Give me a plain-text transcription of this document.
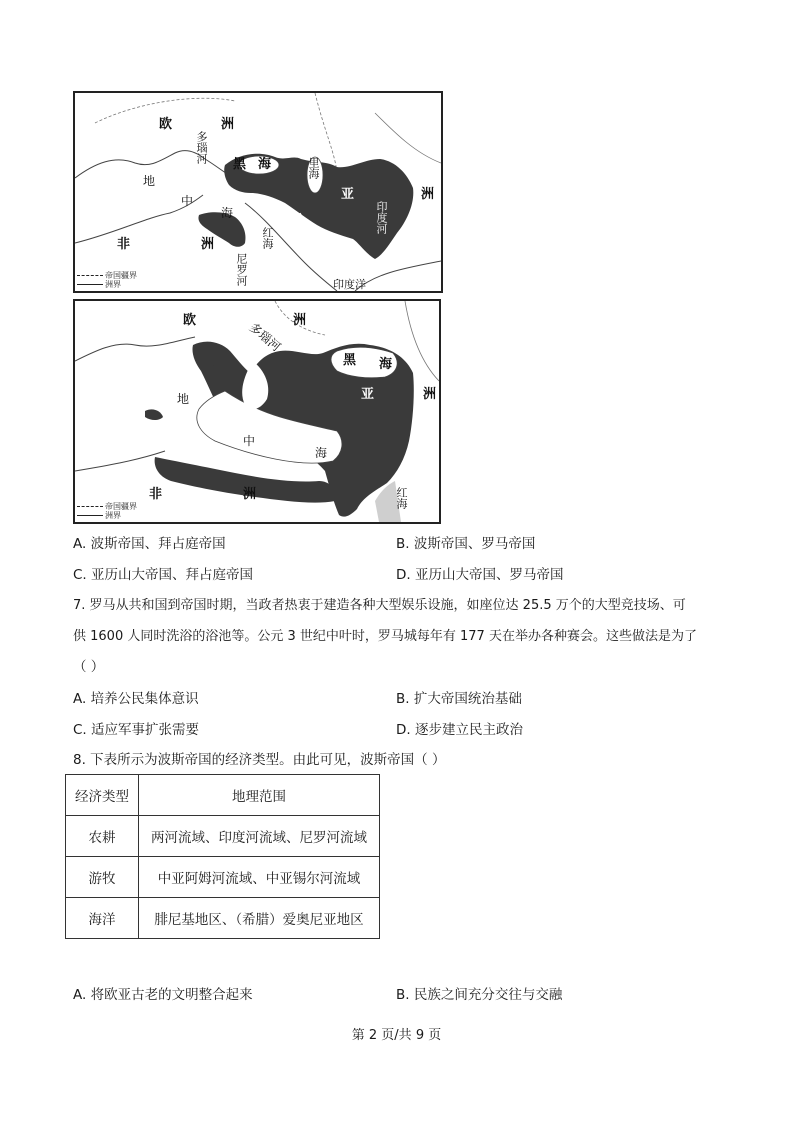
欧	洲
多瑙河
黑 海	里海
亚	洲
印度河
地
中
海
非	洲	红海
尼罗河	印度洋
帝国疆界
洲界
欧	洲
多瑙河
黑 海
亚	洲
地
中
海
非	洲	红海
帝国疆界
洲界
A. 波斯帝国、拜占庭帝国	B. 波斯帝国、罗马帝国
C. 亚历山大帝国、拜占庭帝国	D. 亚历山大帝国、罗马帝国
7. 罗马从共和国到帝国时期，当政者热衷于建造各种大型娱乐设施，如座位达 25.5 万个的大型竞技场、可
供 1600 人同时洗浴的浴池等。公元 3 世纪中叶时，罗马城每年有 177 天在举办各种赛会。这些做法是为了
（ ）
A. 培养公民集体意识	B. 扩大帝国统治基础
C. 适应军事扩张需要	D. 逐步建立民主政治
8. 下表所示为波斯帝国的经济类型。由此可见，波斯帝国（ ）
经济类型	地理范围
农耕	两河流域、印度河流域、尼罗河流域
游牧	中亚阿姆河流域、中亚锡尔河流域
海洋	腓尼基地区、（希腊）爱奥尼亚地区
A. 将欧亚古老的文明整合起来	B. 民族之间充分交往与交融
第 2 页/共 9 页
